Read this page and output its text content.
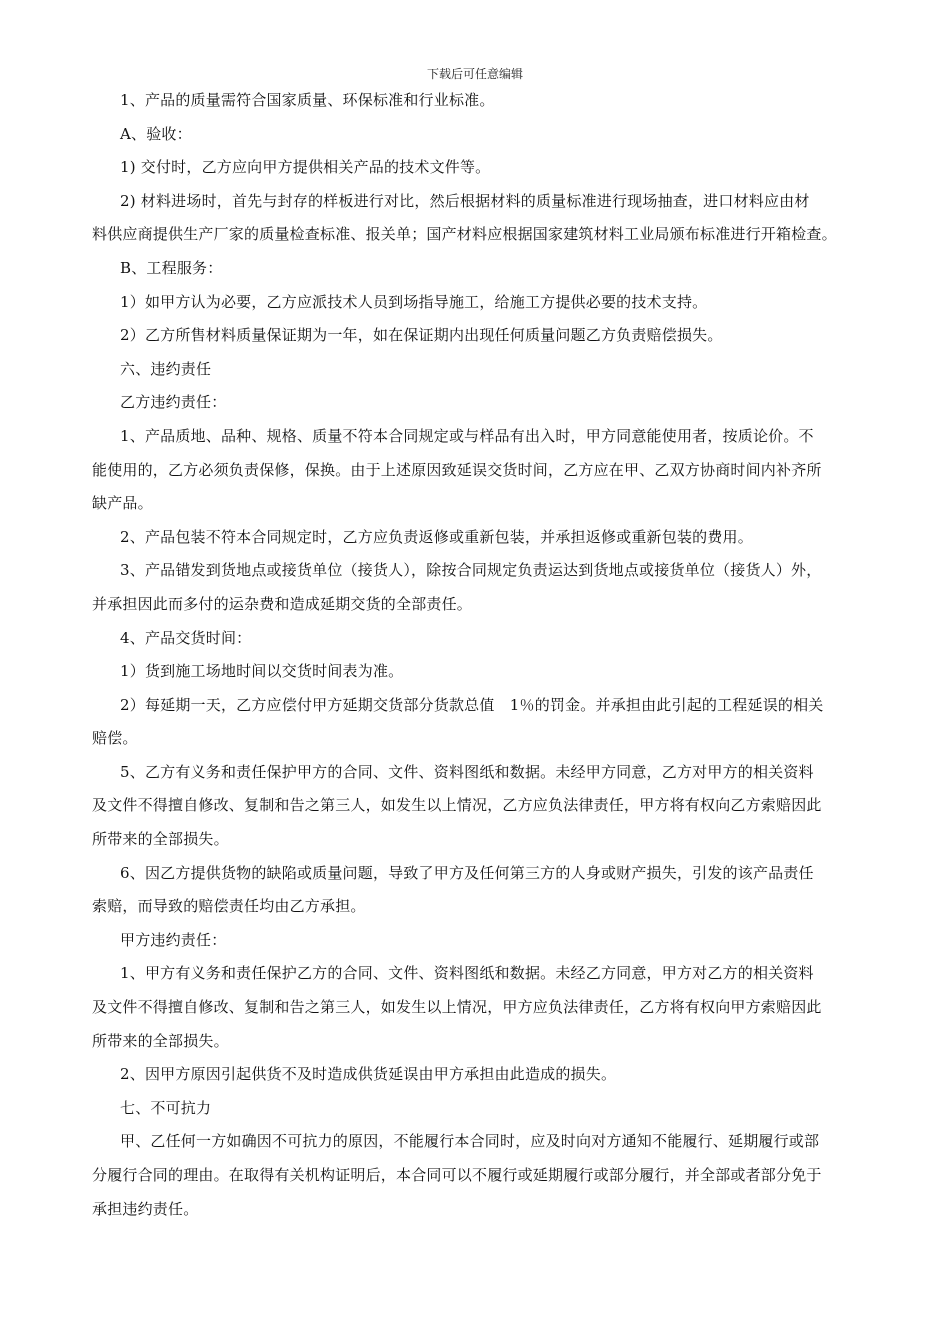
下载后可任意编辑
1、产品的质量需符合国家质量、环保标准和行业标准。
A、验收：
1) 交付时，乙方应向甲方提供相关产品的技术文件等。
2) 材料进场时，首先与封存的样板进行对比，然后根据材料的质量标准进行现场抽查，进口材料应由材
料供应商提供生产厂家的质量检查标准、报关单；国产材料应根据国家建筑材料工业局颁布标准进行开箱检查。
B、工程服务：
1）如甲方认为必要，乙方应派技术人员到场指导施工，给施工方提供必要的技术支持。
2）乙方所售材料质量保证期为一年，如在保证期内出现任何质量问题乙方负责赔偿损失。
六、违约责任
乙方违约责任：
1、产品质地、品种、规格、质量不符本合同规定或与样品有出入时，甲方同意能使用者，按质论价。不
能使用的，乙方必须负责保修，保换。由于上述原因致延误交货时间，乙方应在甲、乙双方协商时间内补齐所
缺产品。
2、产品包装不符本合同规定时，乙方应负责返修或重新包装，并承担返修或重新包装的费用。
3、产品错发到货地点或接货单位（接货人），除按合同规定负责运达到货地点或接货单位（接货人）外，
并承担因此而多付的运杂费和造成延期交货的全部责任。
4、产品交货时间：
1）货到施工场地时间以交货时间表为准。
2）每延期一天，乙方应偿付甲方延期交货部分货款总值　1％的罚金。并承担由此引起的工程延误的相关
赔偿。
5、乙方有义务和责任保护甲方的合同、文件、资料图纸和数据。未经甲方同意，乙方对甲方的相关资料
及文件不得擅自修改、复制和告之第三人，如发生以上情况，乙方应负法律责任，甲方将有权向乙方索赔因此
所带来的全部损失。
6、因乙方提供货物的缺陷或质量问题，导致了甲方及任何第三方的人身或财产损失，引发的该产品责任
索赔，而导致的赔偿责任均由乙方承担。
甲方违约责任：
1、甲方有义务和责任保护乙方的合同、文件、资料图纸和数据。未经乙方同意，甲方对乙方的相关资料
及文件不得擅自修改、复制和告之第三人，如发生以上情况，甲方应负法律责任，乙方将有权向甲方索赔因此
所带来的全部损失。
2、因甲方原因引起供货不及时造成供货延误由甲方承担由此造成的损失。
七、不可抗力
甲、乙任何一方如确因不可抗力的原因，不能履行本合同时，应及时向对方通知不能履行、延期履行或部
分履行合同的理由。在取得有关机构证明后，本合同可以不履行或延期履行或部分履行，并全部或者部分免于
承担违约责任。
